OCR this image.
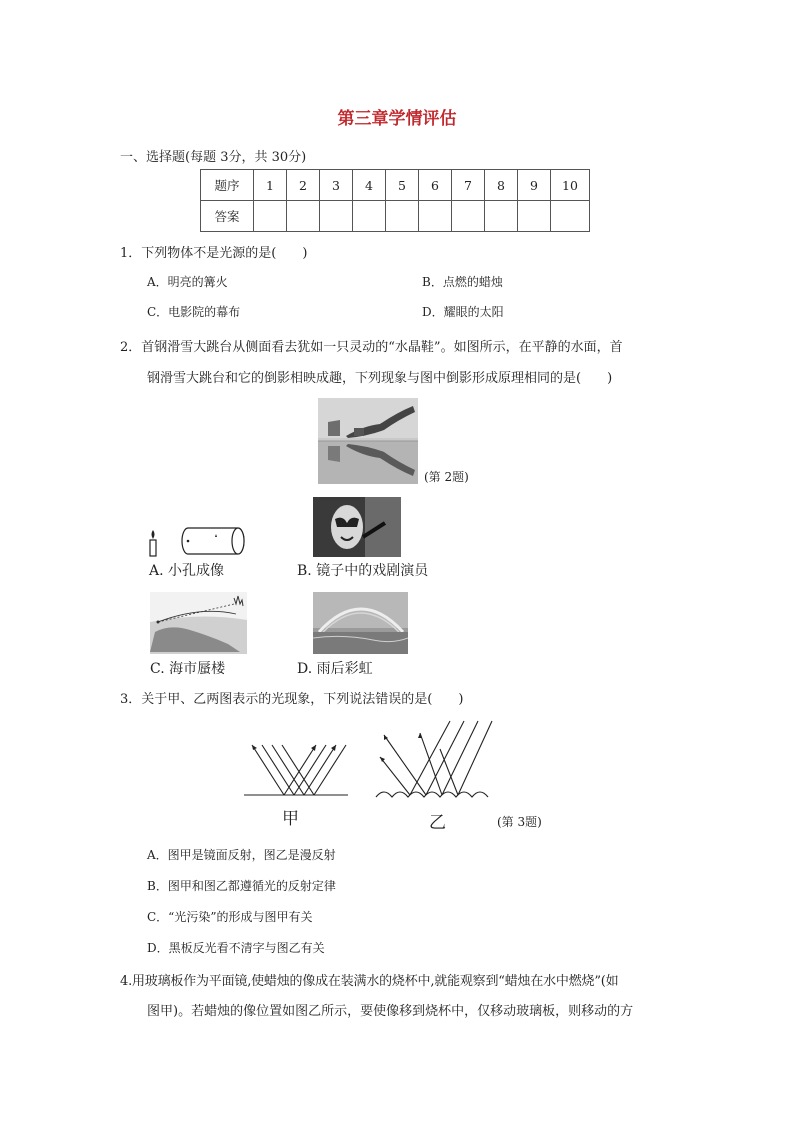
第三章学情评估
一、选择题(每题 3分，共 30分)
题序	1	2	3	4	5	6	7	8	9	10
答案										
1．下列物体不是光源的是(　　)
A．明亮的篝火	B．点燃的蜡烛
C．电影院的幕布	D．耀眼的太阳
2．首钢滑雪大跳台从侧面看去犹如一只灵动的“水晶鞋”。如图所示，在平静的水面，首
钢滑雪大跳台和它的倒影相映成趣，下列现象与图中倒影形成原理相同的是(　　)
(第 2题)
A. 小孔成像	B. 镜子中的戏剧演员
C. 海市蜃楼	D. 雨后彩虹
3．关于甲、乙两图表示的光现象，下列说法错误的是(　　)
甲	乙	(第 3题)
A．图甲是镜面反射，图乙是漫反射
B．图甲和图乙都遵循光的反射定律
C．“光污染”的形成与图甲有关
D．黑板反光看不清字与图乙有关
4.用玻璃板作为平面镜,使蜡烛的像成在装满水的烧杯中,就能观察到“蜡烛在水中燃烧”(如
图甲)。若蜡烛的像位置如图乙所示，要使像移到烧杯中，仅移动玻璃板，则移动的方
